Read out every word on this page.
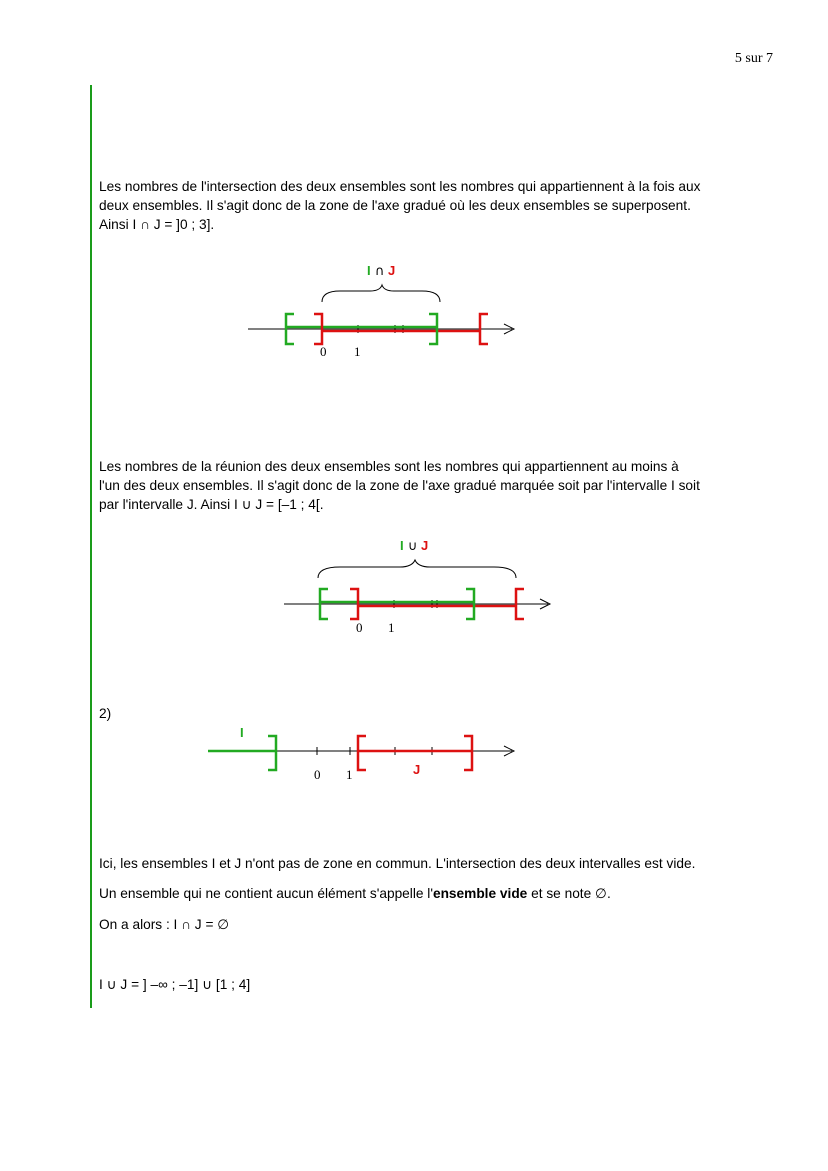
5 sur 7

Les nombres de l'intersection des deux ensembles sont les nombres qui appartiennent à la fois aux
deux ensembles. Il s'agit donc de la zone de l'axe gradué où les deux ensembles se superposent.
Ainsi I ∩ J = ]0 ; 3].

I ∩ J
0 1

Les nombres de la réunion des deux ensembles sont les nombres qui appartiennent au moins à
l'un des deux ensembles. Il s'agit donc de la zone de l'axe gradué marquée soit par l'intervalle I soit
par l'intervalle J. Ainsi I ∪ J = [–1 ; 4[.

I ∪ J
0 1
2)
I
J
0 1
Ici, les ensembles I et J n'ont pas de zone en commun. L'intersection des deux intervalles est vide.
Un ensemble qui ne contient aucun élément s'appelle l'ensemble vide et se note ∅.
On a alors : I ∩ J = ∅
I ∪ J = ] –∞ ; –1] ∪ [1 ; 4]
